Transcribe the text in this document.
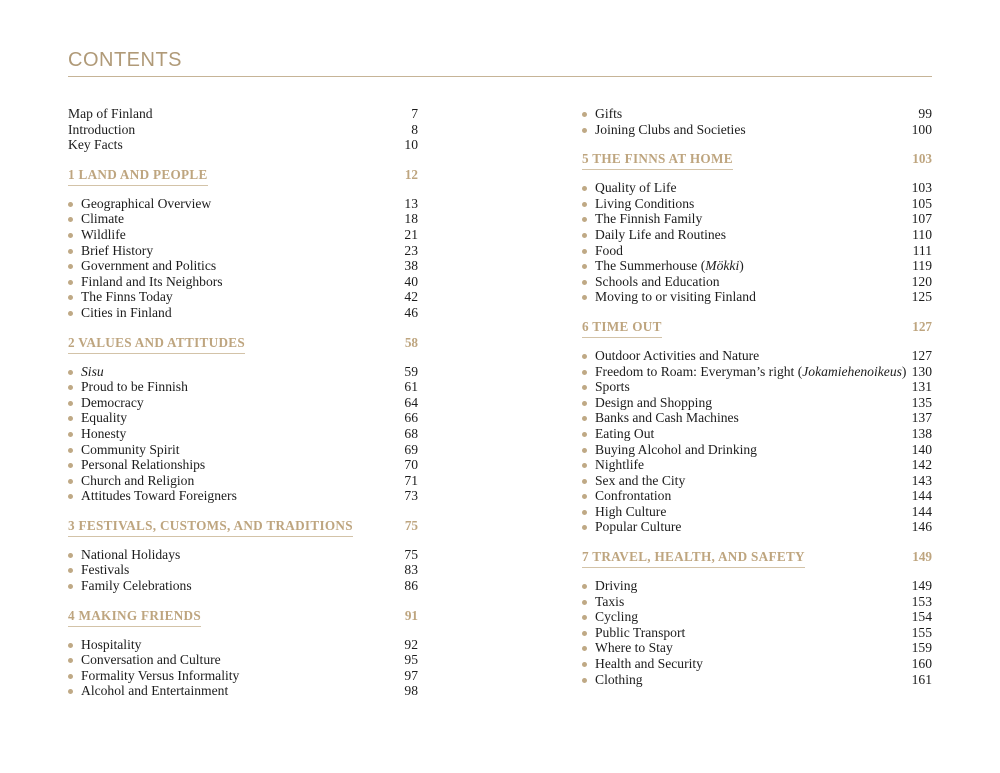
CONTENTS
Map of Finland	7
Introduction	8
Key Facts	10
1 LAND AND PEOPLE	12
Geographical Overview	13
Climate	18
Wildlife	21
Brief History	23
Government and Politics	38
Finland and Its Neighbors	40
The Finns Today	42
Cities in Finland	46
2 VALUES AND ATTITUDES	58
Sisu	59
Proud to be Finnish	61
Democracy	64
Equality	66
Honesty	68
Community Spirit	69
Personal Relationships	70
Church and Religion	71
Attitudes Toward Foreigners	73
3 FESTIVALS, CUSTOMS, AND TRADITIONS	75
National Holidays	75
Festivals	83
Family Celebrations	86
4 MAKING FRIENDS	91
Hospitality	92
Conversation and Culture	95
Formality Versus Informality	97
Alcohol and Entertainment	98
Gifts	99
Joining Clubs and Societies	100
5 THE FINNS AT HOME	103
Quality of Life	103
Living Conditions	105
The Finnish Family	107
Daily Life and Routines	110
Food	111
The Summerhouse (Mökki)	119
Schools and Education	120
Moving to or visiting Finland	125
6 TIME OUT	127
Outdoor Activities and Nature	127
Freedom to Roam: Everyman’s right (Jokamiehenoikeus) 130
Sports	131
Design and Shopping	135
Banks and Cash Machines	137
Eating Out	138
Buying Alcohol and Drinking	140
Nightlife	142
Sex and the City	143
Confrontation	144
High Culture	144
Popular Culture	146
7 TRAVEL, HEALTH, AND SAFETY	149
Driving	149
Taxis	153
Cycling	154
Public Transport	155
Where to Stay	159
Health and Security	160
Clothing	161
